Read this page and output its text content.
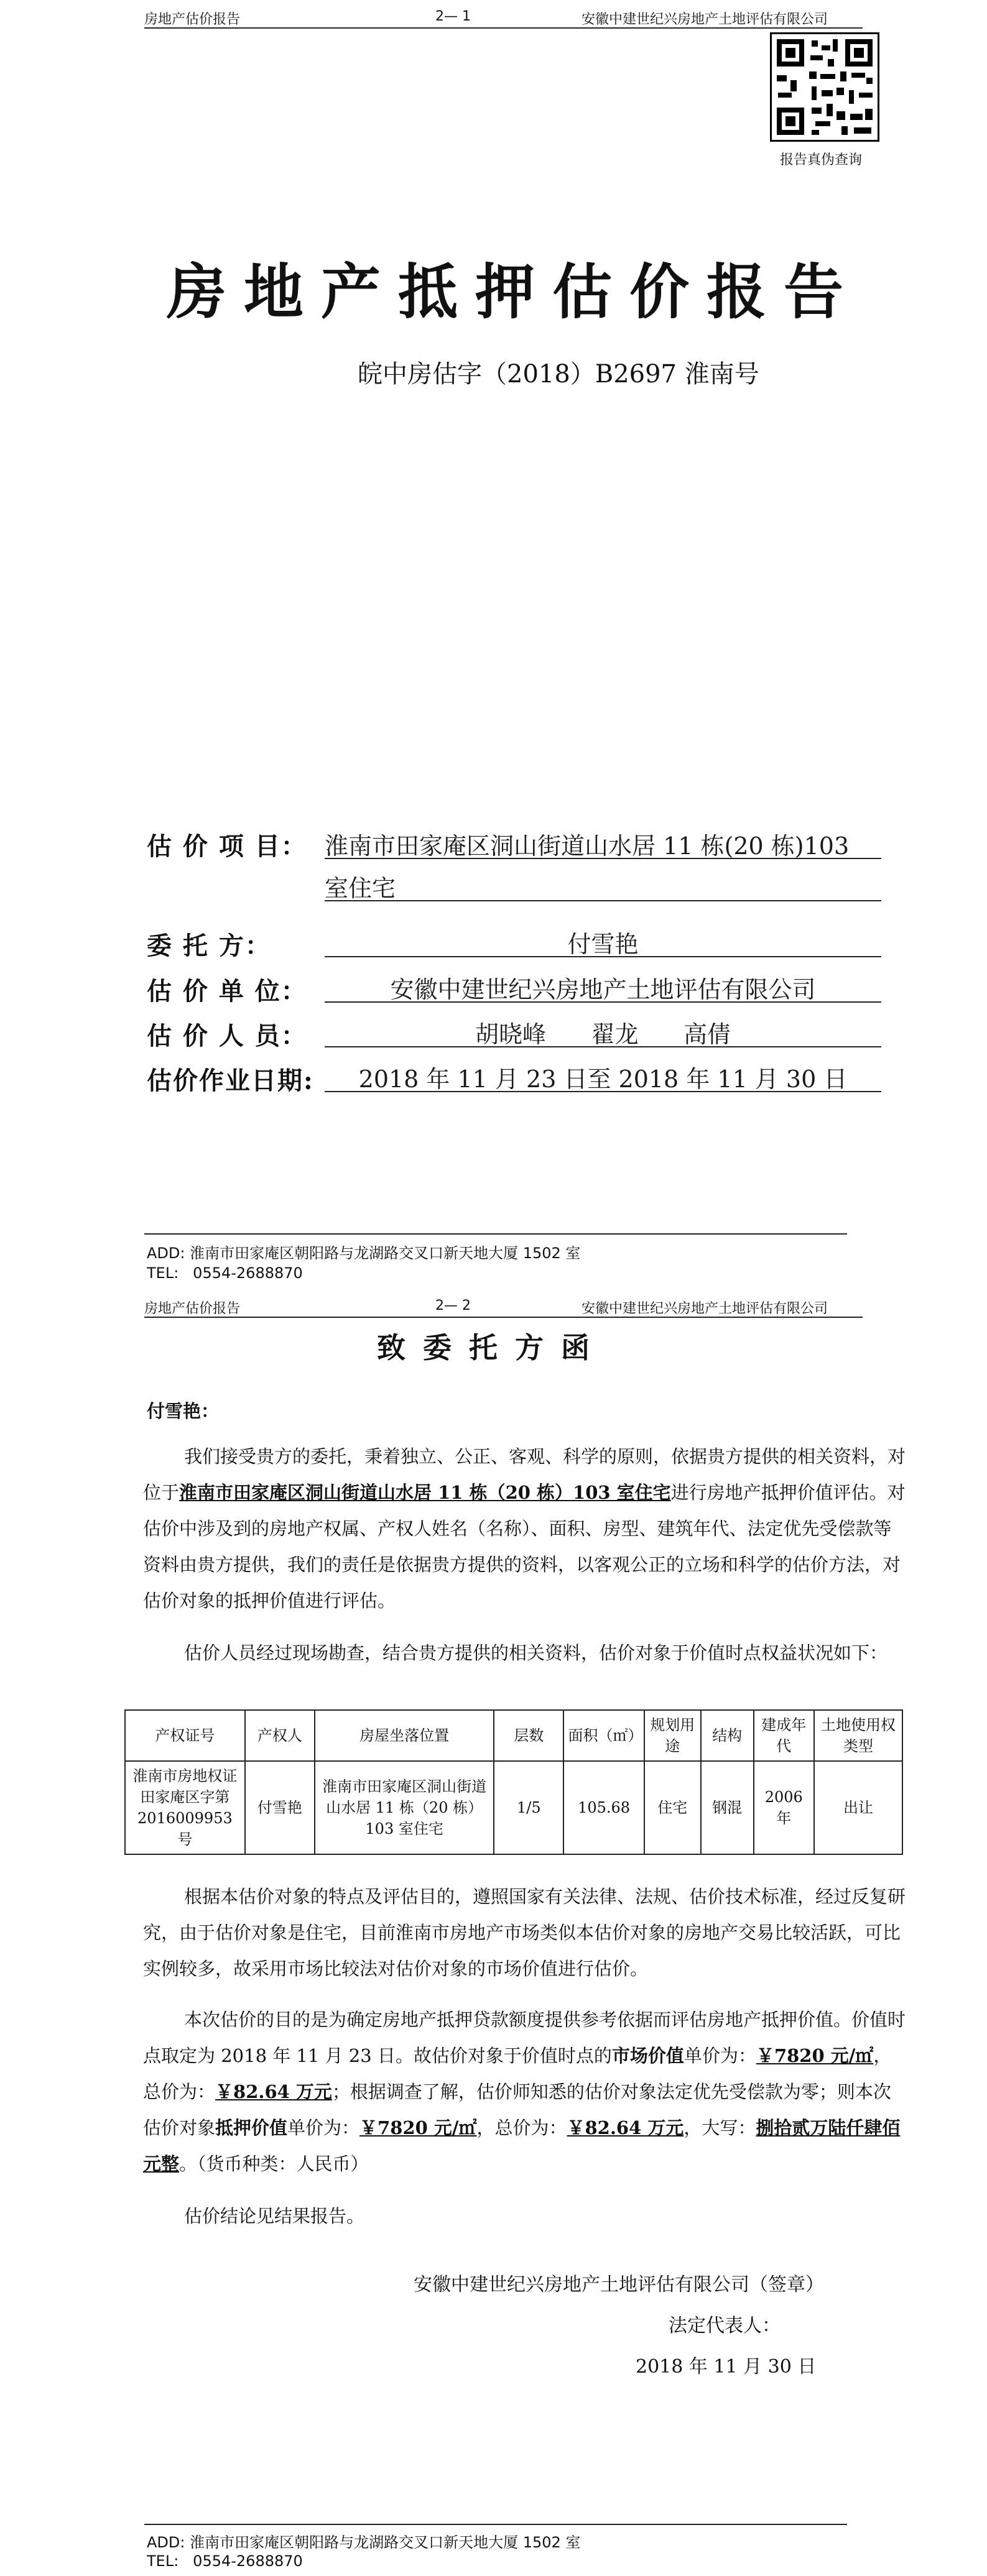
房地产估价报告	2— 1	安徽中建世纪兴房地产土地评估有限公司
报告真伪查询
房地产抵押估价报告
皖中房估字（2018）B2697 淮南号
估 价 项 目： 淮南市田家庵区洞山街道山水居 11 栋(20 栋)103
室住宅
委 托 方：	付雪艳
估 价 单 位：	安徽中建世纪兴房地产土地评估有限公司
估 价 人 员：	胡晓峰      翟龙      高倩
估价作业日期:	2018 年 11 月 23 日至 2018 年 11 月 30 日
ADD: 淮南市田家庵区朝阳路与龙湖路交叉口新天地大厦 1502 室
TEL:   0554-2688870
房地产估价报告	2— 2	安徽中建世纪兴房地产土地评估有限公司
致委托方函
付雪艳：
我们接受贵方的委托，秉着独立、公正、客观、科学的原则，依据贵方提供的相关资料，对位于淮南市田家庵区洞山街道山水居 11 栋（20 栋）103 室住宅进行房地产抵押价值评估。对估价中涉及到的房地产权属、产权人姓名（名称）、面积、房型、建筑年代、法定优先受偿款等资料由贵方提供，我们的责任是依据贵方提供的资料，以客观公正的立场和科学的估价方法，对估价对象的抵押价值进行评估。
估价人员经过现场勘查，结合贵方提供的相关资料，估价对象于价值时点权益状况如下：
产权证号	产权人	房屋坐落位置	层数	面积（㎡）	规划用途	结构	建成年代	土地使用权类型
淮南市房地权证田家庵区字第 2016009953 号	付雪艳	淮南市田家庵区洞山街道山水居 11 栋（20 栋）103 室住宅	1/5	105.68	住宅	钢混	2006 年	出让
根据本估价对象的特点及评估目的，遵照国家有关法律、法规、估价技术标准，经过反复研究，由于估价对象是住宅，目前淮南市房地产市场类似本估价对象的房地产交易比较活跃，可比实例较多，故采用市场比较法对估价对象的市场价值进行估价。
本次估价的目的是为确定房地产抵押贷款额度提供参考依据而评估房地产抵押价值。价值时点取定为 2018 年 11 月 23 日。故估价对象于价值时点的市场价值单价为：￥7820 元/㎡，总价为：￥82.64 万元；根据调查了解，估价师知悉的估价对象法定优先受偿款为零；则本次估价对象抵押价值单价为：￥7820 元/㎡，总价为：￥82.64 万元，大写：捌拾贰万陆仟肆佰元整。（货币种类：人民币）
估价结论见结果报告。
安徽中建世纪兴房地产土地评估有限公司（签章）
法定代表人：
2018 年 11 月 30 日
ADD: 淮南市田家庵区朝阳路与龙湖路交叉口新天地大厦 1502 室
TEL:   0554-2688870
